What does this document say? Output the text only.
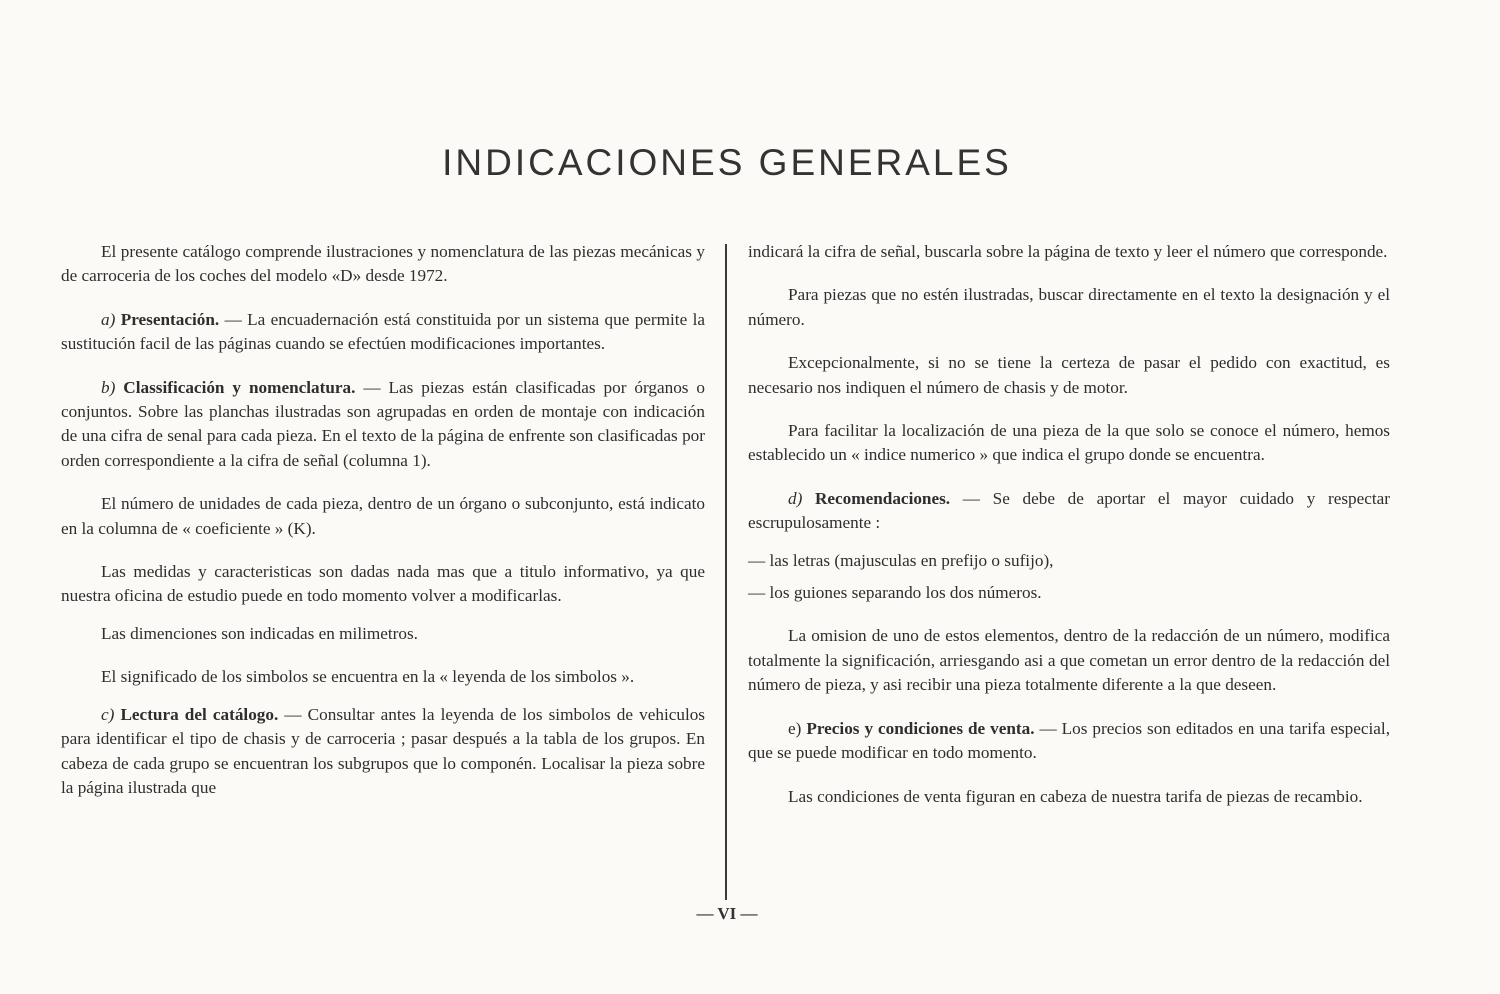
INDICACIONES GENERALES

El presente catálogo comprende ilustraciones y nomenclatura de las piezas mecánicas y de carroceria de los coches del modelo «D» desde 1972.

a) Presentación. — La encuadernación está constituida por un sistema que permite la sustitución facil de las páginas cuando se efectúen modificaciones importantes.

b) Classificación y nomenclatura. — Las piezas están clasificadas por órganos o conjuntos. Sobre las planchas ilustradas son agrupadas en orden de montaje con indicación de una cifra de senal para cada pieza. En el texto de la página de enfrente son clasificadas por orden correspondiente a la cifra de señal (columna 1).

El número de unidades de cada pieza, dentro de un órgano o subconjunto, está indicato en la columna de « coeficiente » (K).

Las medidas y caracteristicas son dadas nada mas que a titulo informativo, ya que nuestra oficina de estudio puede en todo momento volver a modificarlas.

Las dimenciones son indicadas en milimetros.

El significado de los simbolos se encuentra en la « leyenda de los simbolos ».

c) Lectura del catálogo. — Consultar antes la leyenda de los simbolos de vehiculos para identificar el tipo de chasis y de carroceria ; pasar después a la tabla de los grupos. En cabeza de cada grupo se encuentran los subgrupos que lo componén. Localisar la pieza sobre la página ilustrada que

indicará la cifra de señal, buscarla sobre la página de texto y leer el número que corresponde.

Para piezas que no estén ilustradas, buscar directamente en el texto la designación y el número.

Excepcionalmente, si no se tiene la certeza de pasar el pedido con exactitud, es necesario nos indiquen el número de chasis y de motor.

Para facilitar la localización de una pieza de la que solo se conoce el número, hemos establecido un « indice numerico » que indica el grupo donde se encuentra.

d) Recomendaciones. — Se debe de aportar el mayor cuidado y respectar escrupulosamente :

— las letras (majusculas en prefijo o sufijo),

— los guiones separando los dos números.

La omision de uno de estos elementos, dentro de la redacción de un número, modifica totalmente la significación, arriesgando asi a que cometan un error dentro de la redacción del número de pieza, y asi recibir una pieza totalmente diferente a la que deseen.

e) Precios y condiciones de venta. — Los precios son editados en una tarifa especial, que se puede modificar en todo momento.

Las condiciones de venta figuran en cabeza de nuestra tarifa de piezas de recambio.

— VI —
